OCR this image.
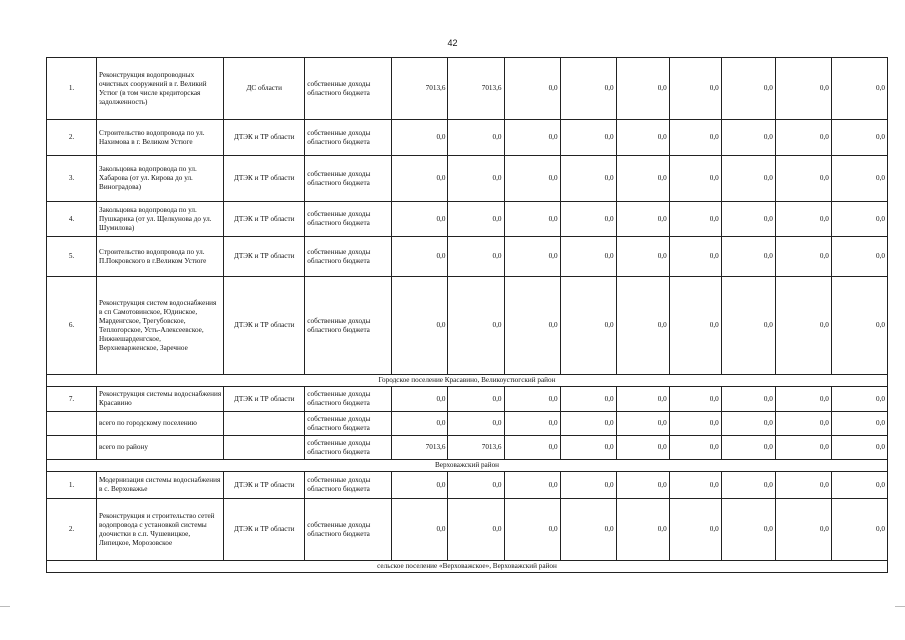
42
1.	Реконструкция водопроводных очистных сооружений в г. Великий Устюг (в том числе кредиторская задолженность)	ДС области	собственные доходы областного бюджета	7013,6	7013,6	0,0	0,0	0,0	0,0	0,0	0,0	0,0
2.	Строительство водопровода по ул. Нахимова в г. Великом Устюге	ДТЭК и ТР области	собственные доходы областного бюджета	0,0	0,0	0,0	0,0	0,0	0,0	0,0	0,0	0,0
3.	Закольцовка водопровода по ул. Хабарова (от ул. Кирова до ул. Виноградова)	ДТЭК и ТР области	собственные доходы областного бюджета	0,0	0,0	0,0	0,0	0,0	0,0	0,0	0,0	0,0
4.	Закольцовка водопровода по ул. Пушкарика (от ул. Щелкунова до ул. Шумилова)	ДТЭК и ТР области	собственные доходы областного бюджета	0,0	0,0	0,0	0,0	0,0	0,0	0,0	0,0	0,0
5.	Строительство водопровода по ул. П.Покровского в г.Великом Устюге	ДТЭК и ТР области	собственные доходы областного бюджета	0,0	0,0	0,0	0,0	0,0	0,0	0,0	0,0	0,0
6.	Реконструкция систем водоснабжения в сп Самотовинское, Юдинское, Марденгское, Трегубовское, Теплогорское, Усть-Алексеевское, Нижнешарденгское, Верхневарженское, Заречное	ДТЭК и ТР области	собственные доходы областного бюджета	0,0	0,0	0,0	0,0	0,0	0,0	0,0	0,0	0,0
Городское поселение Красавино, Великоустюгский район												
7.	Реконструкция системы водоснабжения Красавино	ДТЭК и ТР области	собственные доходы областного бюджета	0,0	0,0	0,0	0,0	0,0	0,0	0,0	0,0	0,0
	всего по городскому поселению		собственные доходы областного бюджета	0,0	0,0	0,0	0,0	0,0	0,0	0,0	0,0	0,0
	всего по району		собственные доходы областного бюджета	7013,6	7013,6	0,0	0,0	0,0	0,0	0,0	0,0	0,0
Верховажский район												
1.	Модернизация системы водоснабжения в с. Верховажье	ДТЭК и ТР области	собственные доходы областного бюджета	0,0	0,0	0,0	0,0	0,0	0,0	0,0	0,0	0,0
2.	Реконструкция и строительство сетей водопровода с установкой системы доочистки в с.п. Чушевицкое, Липецкое, Морозовское	ДТЭК и ТР области	собственные доходы областного бюджета	0,0	0,0	0,0	0,0	0,0	0,0	0,0	0,0	0,0
сельское поселение «Верховажское», Верховажский район												
